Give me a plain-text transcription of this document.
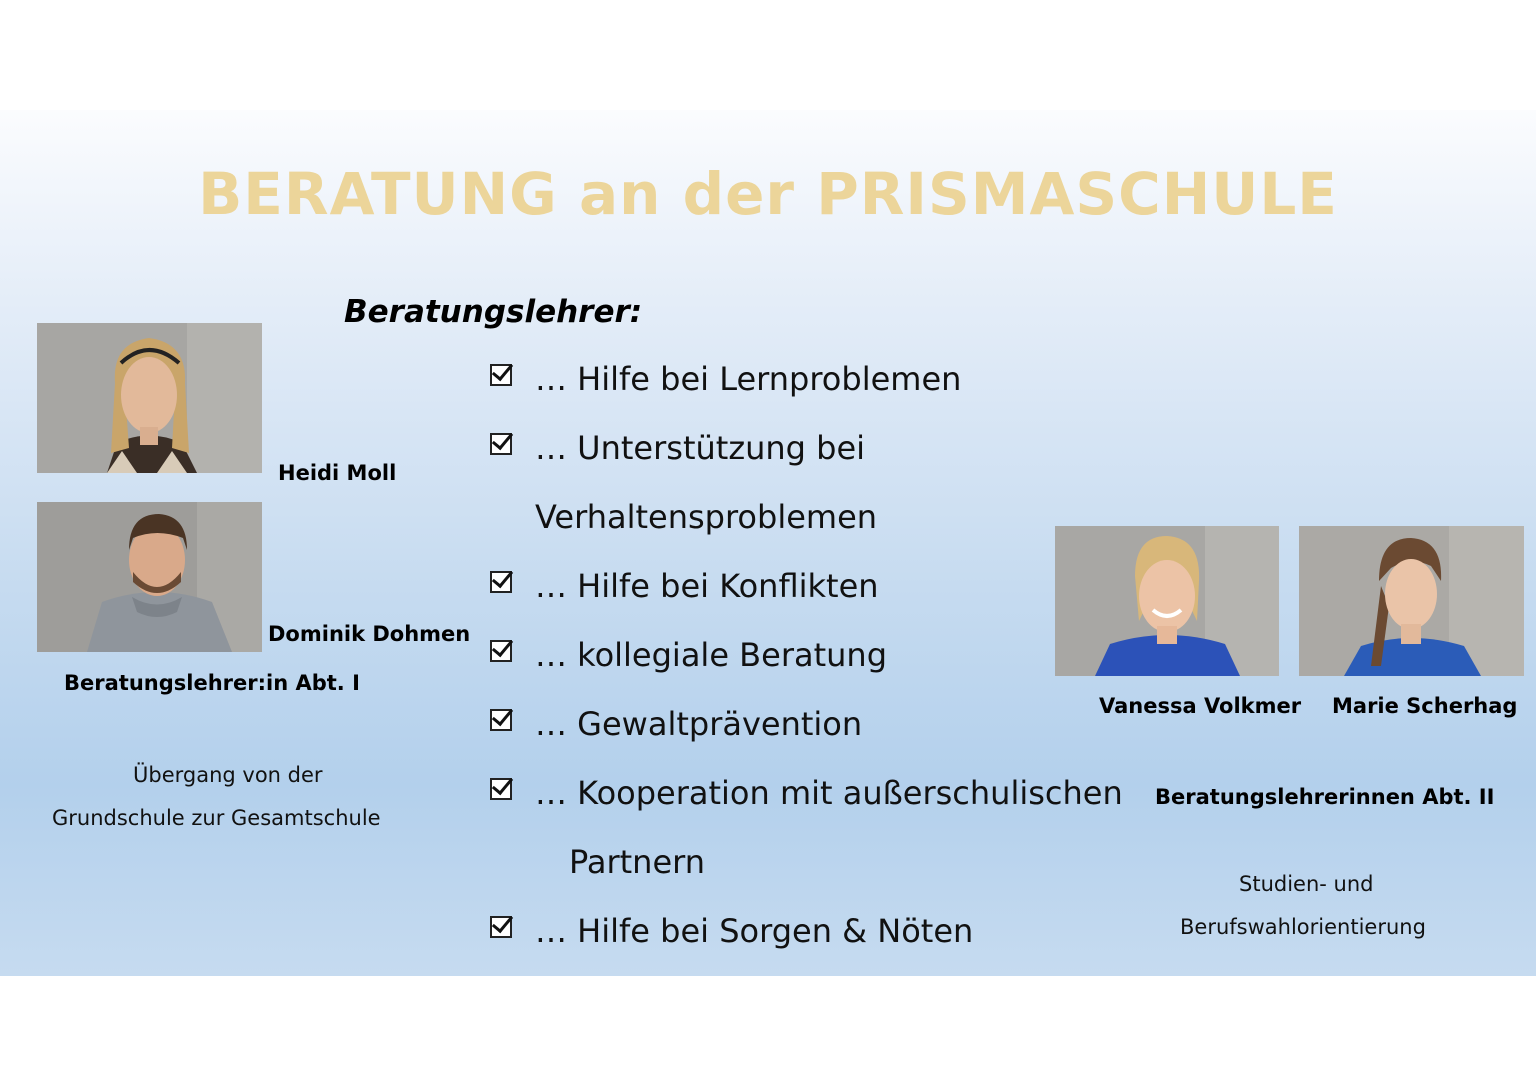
BERATUNG an der PRISMASCHULE
Beratungslehrer:
… Hilfe bei Lernproblemen
… Unterstützung bei
Verhaltensproblemen
… Hilfe bei Konflikten
… kollegiale Beratung
… Gewaltprävention
… Kooperation mit außerschulischen
Partnern
… Hilfe bei Sorgen & Nöten
Heidi Moll
Dominik Dohmen
Beratungslehrer:in Abt. I
Übergang von der
Grundschule zur Gesamtschule
Vanessa Volkmer Marie Scherhag
Beratungslehrerinnen Abt. II
Studien- und
Berufswahlorientierung
